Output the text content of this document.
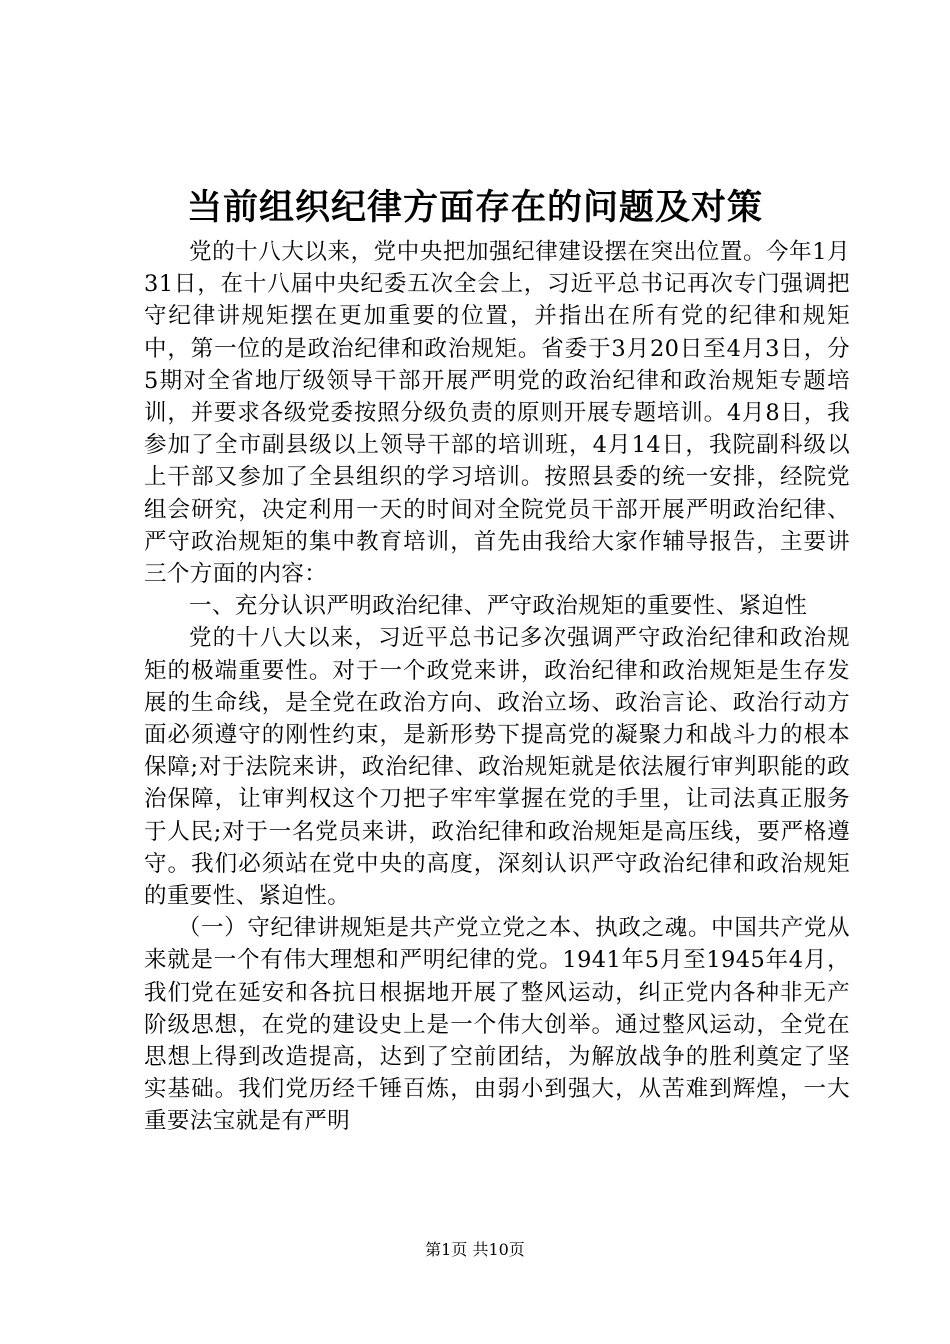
当前组织纪律方面存在的问题及对策

党的十八大以来，党中央把加强纪律建设摆在突出位置。今年1月31日，在十八届中央纪委五次全会上，习近平总书记再次专门强调把守纪律讲规矩摆在更加重要的位置，并指出在所有党的纪律和规矩中，第一位的是政治纪律和政治规矩。省委于3月20日至4月3日，分5期对全省地厅级领导干部开展严明党的政治纪律和政治规矩专题培训，并要求各级党委按照分级负责的原则开展专题培训。4月8日，我参加了全市副县级以上领导干部的培训班，4月14日，我院副科级以上干部又参加了全县组织的学习培训。按照县委的统一安排，经院党组会研究，决定利用一天的时间对全院党员干部开展严明政治纪律、严守政治规矩的集中教育培训，首先由我给大家作辅导报告，主要讲三个方面的内容：

一、充分认识严明政治纪律、严守政治规矩的重要性、紧迫性

党的十八大以来，习近平总书记多次强调严守政治纪律和政治规矩的极端重要性。对于一个政党来讲，政治纪律和政治规矩是生存发展的生命线，是全党在政治方向、政治立场、政治言论、政治行动方面必须遵守的刚性约束，是新形势下提高党的凝聚力和战斗力的根本保障;对于法院来讲，政治纪律、政治规矩就是依法履行审判职能的政治保障，让审判权这个刀把子牢牢掌握在党的手里，让司法真正服务于人民;对于一名党员来讲，政治纪律和政治规矩是高压线，要严格遵守。我们必须站在党中央的高度，深刻认识严守政治纪律和政治规矩的重要性、紧迫性。

（一）守纪律讲规矩是共产党立党之本、执政之魂。中国共产党从来就是一个有伟大理想和严明纪律的党。1941年5月至1945年4月，我们党在延安和各抗日根据地开展了整风运动，纠正党内各种非无产阶级思想，在党的建设史上是一个伟大创举。通过整风运动，全党在思想上得到改造提高，达到了空前团结，为解放战争的胜利奠定了坚实基础。我们党历经千锤百炼，由弱小到强大，从苦难到辉煌，一大重要法宝就是有严明

第1页 共10页
